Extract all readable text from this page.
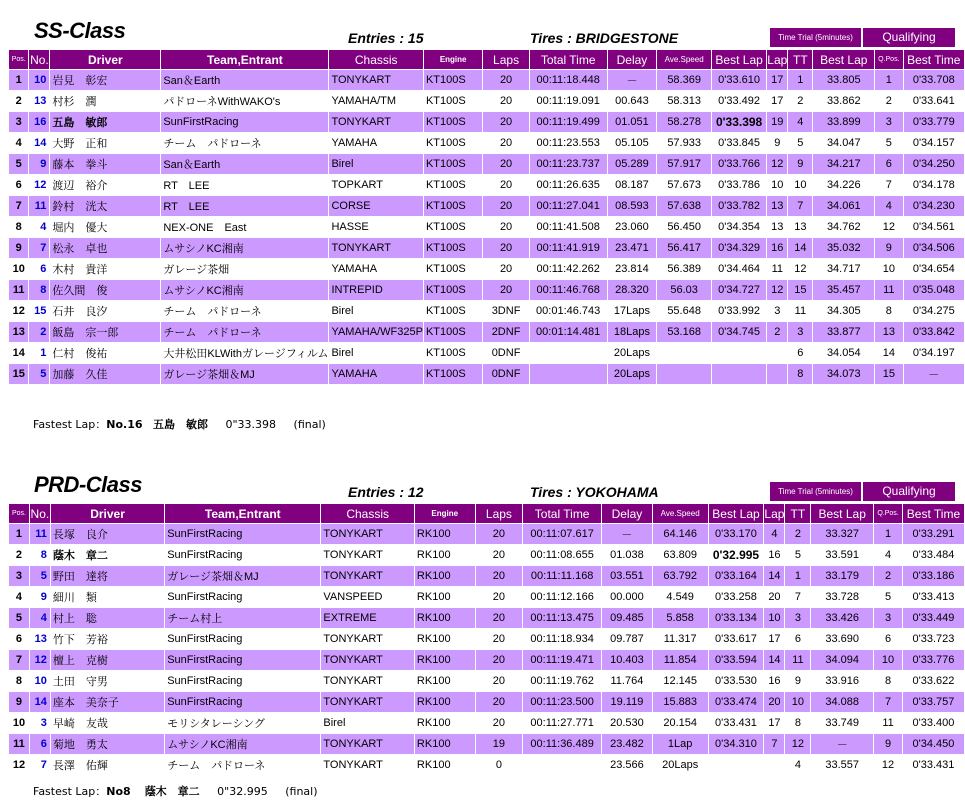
SS-Class	Entries : 15	Tires : BRIDGESTONE	Time Trial (5minutes)	Qualifying
Pos.	No.	Driver	Team,Entrant	Chassis	Engine	Laps	Total Time	Delay	Ave.Speed	Best Lap	Lap	TT	Best Lap	Q.Pos.	Best Time
1	10	岩見　彰宏	San＆Earth	TONYKART	KT100S	20	00:11:18.448	－	58.369	0'33.610	17	1	33.805	1	0'33.708
2	13	村杉　潤	パドローネWithWAKO's	YAMAHA/TM	KT100S	20	00:11:19.091	00.643	58.313	0'33.492	17	2	33.862	2	0'33.641
3	16	五島　敏郎	SunFirstRacing	TONYKART	KT100S	20	00:11:19.499	01.051	58.278	0'33.398	19	4	33.899	3	0'33.779
4	14	大野　正和	チーム　パドローネ	YAMAHA	KT100S	20	00:11:23.553	05.105	57.933	0'33.845	9	5	34.047	5	0'34.157
5	9	藤本　拳斗	San＆Earth	Birel	KT100S	20	00:11:23.737	05.289	57.917	0'33.766	12	9	34.217	6	0'34.250
6	12	渡辺　裕介	RT　LEE	TOPKART	KT100S	20	00:11:26.635	08.187	57.673	0'33.786	10	10	34.226	7	0'34.178
7	11	鈴村　洸太	RT　LEE	CORSE	KT100S	20	00:11:27.041	08.593	57.638	0'33.782	13	7	34.061	4	0'34.230
8	4	堀内　優大	NEX-ONE　East	HASSE	KT100S	20	00:11:41.508	23.060	56.450	0'34.354	13	13	34.762	12	0'34.561
9	7	松永　卓也	ムサシノKC湘南	TONYKART	KT100S	20	00:11:41.919	23.471	56.417	0'34.329	16	14	35.032	9	0'34.506
10	6	木村　貴洋	ガレージ茶畑	YAMAHA	KT100S	20	00:11:42.262	23.814	56.389	0'34.464	11	12	34.717	10	0'34.654
11	8	佐久間　俊	ムサシノKC湘南	INTREPID	KT100S	20	00:11:46.768	28.320	56.03	0'34.727	12	15	35.457	11	0'35.048
12	15	石井　良汐	チーム　パドローネ	Birel	KT100S	3DNF	00:01:46.743	17Laps	55.648	0'33.992	3	11	34.305	8	0'34.275
13	2	飯島　宗一郎	チーム　パドローネ	YAMAHA/WF325P	KT100S	2DNF	00:01:14.481	18Laps	53.168	0'34.745	2	3	33.877	13	0'33.842
14	1	仁村　俊祐	大井松田KLWithガレージフィルム	Birel	KT100S	0DNF		20Laps				6	34.054	14	0'34.197
15	5	加藤　久佳	ガレージ茶畑＆MJ	YAMAHA	KT100S	0DNF		20Laps				8	34.073	15	－
Fastest Lap：No.16 五島　敏郎 0"33.398 (final)
PRD-Class	Entries : 12	Tires : YOKOHAMA	Time Trial (5minutes)	Qualifying
Pos.	No.	Driver	Team,Entrant	Chassis	Engine	Laps	Total Time	Delay	Ave.Speed	Best Lap	Lap	TT	Best Lap	Q.Pos.	Best Time
1	11	長塚　良介	SunFirstRacing	TONYKART	RK100	20	00:11:07.617	－	64.146	0'33.170	4	2	33.327	1	0'33.291
2	8	蔭木　章二	SunFirstRacing	TONYKART	RK100	20	00:11:08.655	01.038	63.809	0'32.995	16	5	33.591	4	0'33.484
3	5	野田　達将	ガレージ茶畑＆MJ	TONYKART	RK100	20	00:11:11.168	03.551	63.792	0'33.164	14	1	33.179	2	0'33.186
4	9	細川　類	SunFirstRacing	VANSPEED	RK100	20	00:11:12.166	00.000	4.549	0'33.258	20	7	33.728	5	0'33.413
5	4	村上　聡	チーム村上	EXTREME	RK100	20	00:11:13.475	09.485	5.858	0'33.134	10	3	33.426	3	0'33.449
6	13	竹下　芳裕	SunFirstRacing	TONYKART	RK100	20	00:11:18.934	09.787	11.317	0'33.617	17	6	33.690	6	0'33.723
7	12	檀上　克樹	SunFirstRacing	TONYKART	RK100	20	00:11:19.471	10.403	11.854	0'33.594	14	11	34.094	10	0'33.776
8	10	土田　守男	SunFirstRacing	TONYKART	RK100	20	00:11:19.762	11.764	12.145	0'33.530	16	9	33.916	8	0'33.622
9	14	座本　美奈子	SunFirstRacing	TONYKART	RK100	20	00:11:23.500	19.119	15.883	0'33.474	20	10	34.088	7	0'33.757
10	3	早崎　友哉	モリシタレーシング	Birel	RK100	20	00:11:27.771	20.530	20.154	0'33.431	17	8	33.749	11	0'33.400
11	6	菊地　勇太	ムサシノKC湘南	TONYKART	RK100	19	00:11:36.489	23.482	1Lap	0'34.310	7	12	－	9	0'34.450
12	7	長澤　佑輝	チーム　パドローネ	TONYKART	RK100	0		23.566	20Laps			4	33.557	12	0'33.431
Fastest Lap：No8 蔭木　章二 0"32.995 (final)
